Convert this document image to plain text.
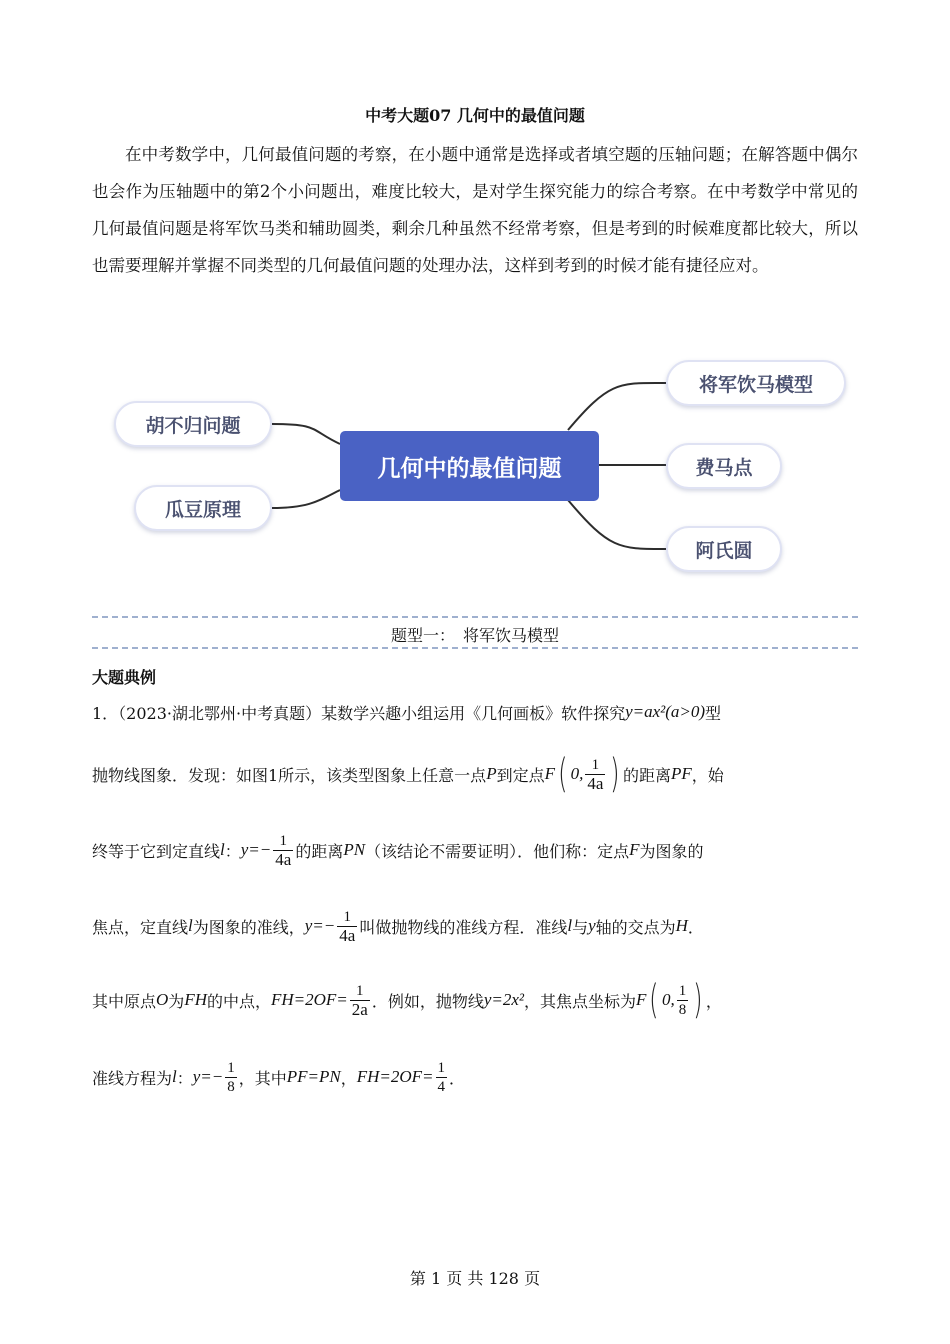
中考大题07 几何中的最值问题

在中考数学中，几何最值问题的考察，在小题中通常是选择或者填空题的压轴问题；在解答题中偶尔也会作为压轴题中的第2个小问题出，难度比较大，是对学生探究能力的综合考察。在中考数学中常见的几何最值问题是将军饮马类和辅助圆类，剩余几种虽然不经常考察，但是考到的时候难度都比较大，所以也需要理解并掌握不同类型的几何最值问题的处理办法，这样到考到的时候才能有捷径应对。

胡不归问题
瓜豆原理
几何中的最值问题
将军饮马模型
费马点
阿氏圆
题型一：　将军饮马模型
大题典例
1．（2023·湖北鄂州·中考真题）某数学兴趣小组运用《几何画板》软件探究 y=ax²(a>0) 型
抛物线图象．发现：如图1所示，该类型图象上任意一点 P 到定点 F ( 0, $\frac{1}{4a}$ ) 的距离 PF ，始
终等于它到定直线 l ： $y=- \frac{1}{4a}$ 的距离 PN （该结论不需要证明）．他们称：定点 F 为图象的
焦点，定直线 l 为图象的准线， $y=- \frac{1}{4a}$ 叫做抛物线的准线方程．准线 l 与 y 轴的交点为 H ．
其中原点 O 为 FH 的中点， $FH=2OF= \frac{1}{2a}$ ．例如，抛物线 y=2x² ，其焦点坐标为 F ( 0, $\frac{1}{8}$ ) ，
准线方程为 l ： $y=- \frac{1}{8}$ ，其中 PF=PN ， $FH=2OF= \frac{1}{4}$ ．
第 1 页 共 128 页
